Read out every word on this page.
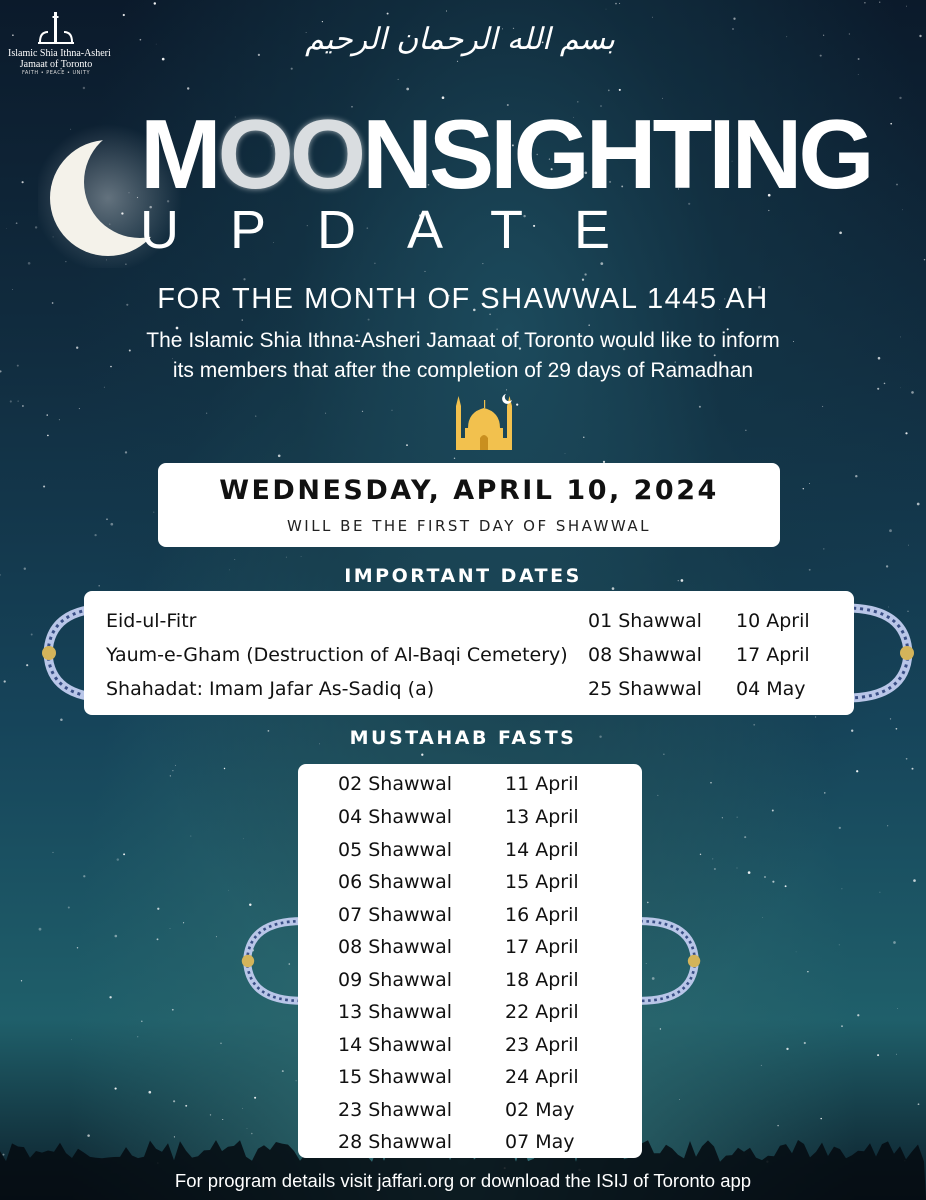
Islamic Shia Ithna-Asheri
Jamaat of Toronto
FAITH • PEACE • UNITY
بسم الله الرحمان الرحيم
MOONSIGHTING
UPDATE
FOR THE MONTH OF SHAWWAL 1445 AH
The Islamic Shia Ithna-Asheri Jamaat of Toronto would like to inform
its members that after the completion of 29 days of Ramadhan
WEDNESDAY, APRIL 10, 2024
WILL BE THE FIRST DAY OF SHAWWAL
IMPORTANT DATES
Eid-ul-Fitr	01 Shawwal 10 April
Yaum-e-Gham (Destruction of Al-Baqi Cemetery) 08 Shawwal 17 April
Shahadat: Imam Jafar As-Sadiq (a)	25 Shawwal 04 May
MUSTAHAB FASTS
02 Shawwal	11 April
04 Shawwal	13 April
05 Shawwal	14 April
06 Shawwal	15 April
07 Shawwal	16 April
08 Shawwal	17 April
09 Shawwal	18 April
13 Shawwal	22 April
14 Shawwal	23 April
15 Shawwal	24 April
23 Shawwal	02 May
28 Shawwal	07 May
For program details visit jaffari.org or download the ISIJ of Toronto app
